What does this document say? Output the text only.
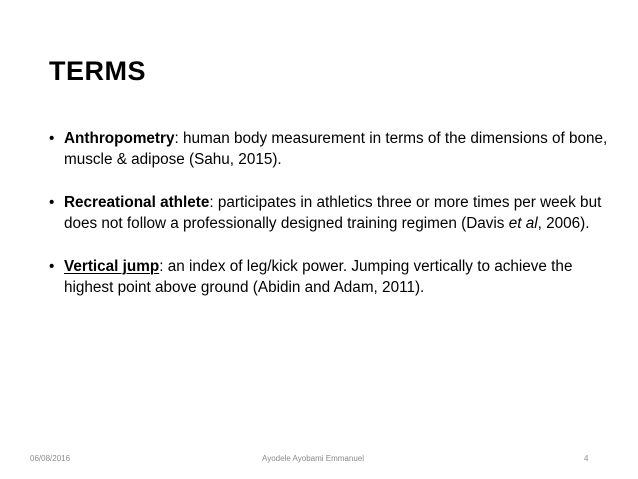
TERMS
• Anthropometry: human body measurement in terms of the dimensions of bone, muscle & adipose (Sahu, 2015).
• Recreational athlete: participates in athletics three or more times per week but does not follow a professionally designed training regimen (Davis et al, 2006).
• Vertical jump: an index of leg/kick power. Jumping vertically to achieve the highest point above ground (Abidin and Adam, 2011).
06/08/2016	Ayodele Ayobami Emmanuel	4
